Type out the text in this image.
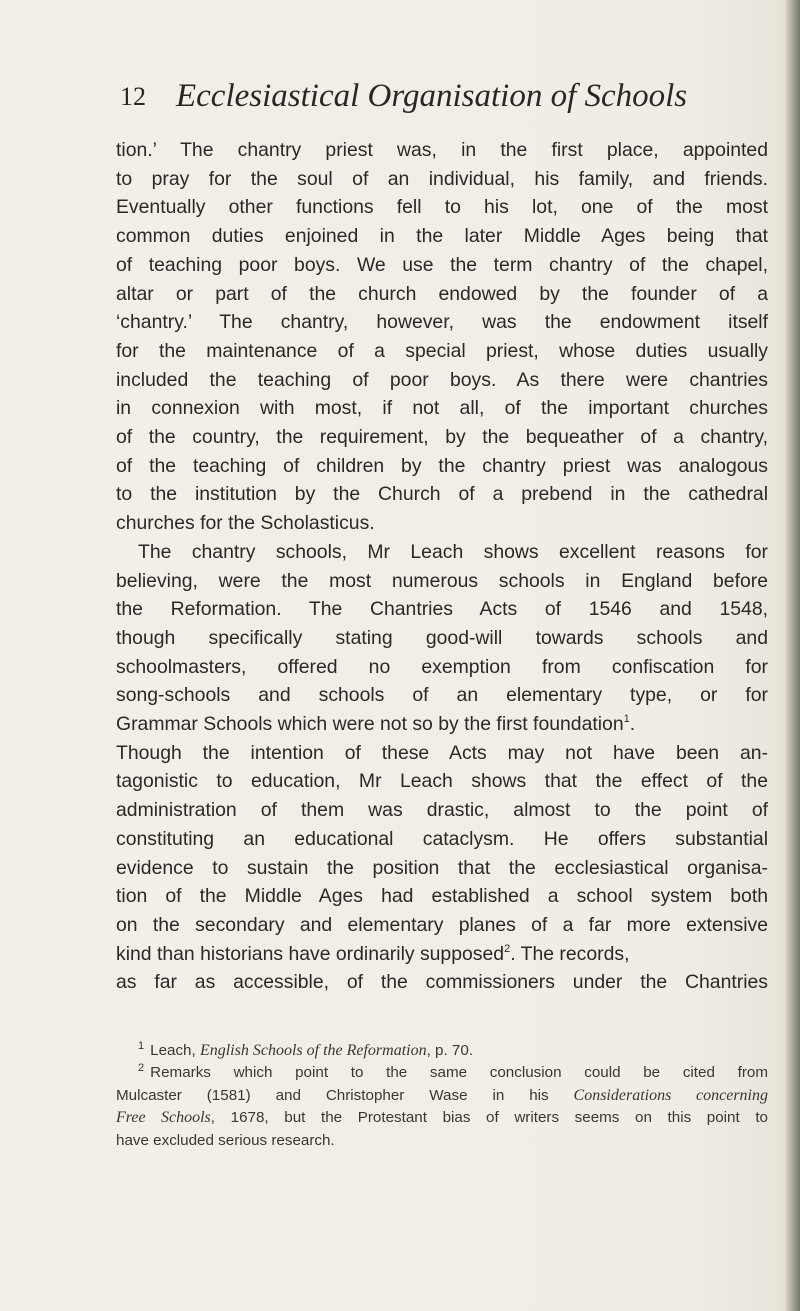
12 Ecclesiastical Organisation of Schools
tion.’ The chantry priest was, in the first place, appointed
to pray for the soul of an individual, his family, and friends.
Eventually other functions fell to his lot, one of the most
common duties enjoined in the later Middle Ages being that
of teaching poor boys. We use the term chantry of the chapel,
altar or part of the church endowed by the founder of a
‘chantry.’ The chantry, however, was the endowment itself
for the maintenance of a special priest, whose duties usually
included the teaching of poor boys. As there were chantries
in connexion with most, if not all, of the important churches
of the country, the requirement, by the bequeather of a chantry,
of the teaching of children by the chantry priest was analogous
to the institution by the Church of a prebend in the cathedral
churches for the Scholasticus.
The chantry schools, Mr Leach shows excellent reasons for
believing, were the most numerous schools in England before
the Reformation. The Chantries Acts of 1546 and 1548,
though specifically stating good-will towards schools and
schoolmasters, offered no exemption from confiscation for
song-schools and schools of an elementary type, or for
Grammar Schools which were not so by the first foundation$^1$.
Though the intention of these Acts may not have been an-
tagonistic to education, Mr Leach shows that the effect of the
administration of them was drastic, almost to the point of
constituting an educational cataclysm. He offers substantial
evidence to sustain the position that the ecclesiastical organisa-
tion of the Middle Ages had established a school system both
on the secondary and elementary planes of a far more extensive
kind than historians have ordinarily supposed$^2$. The records,
as far as accessible, of the commissioners under the Chantries
$^1$ Leach, English Schools of the Reformation, p. 70.
$^2$ Remarks which point to the same conclusion could be cited from
Mulcaster (1581) and Christopher Wase in his Considerations concerning
Free Schools, 1678, but the Protestant bias of writers seems on this point to
have excluded serious research.
